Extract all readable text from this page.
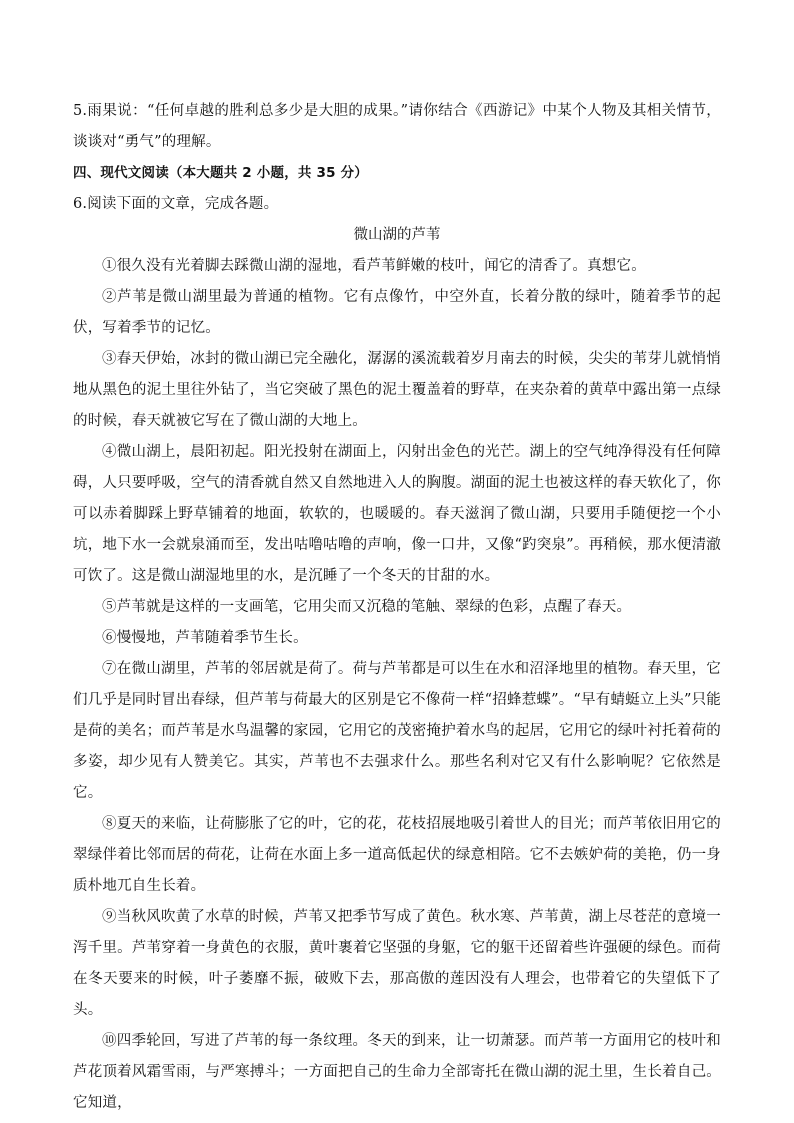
5.雨果说：“任何卓越的胜利总多少是大胆的成果。”请你结合《西游记》中某个人物及其相关情节，谈谈对“勇气”的理解。

四、现代文阅读（本大题共 2 小题，共 35 分）

6.阅读下面的文章，完成各题。

微山湖的芦苇

①很久没有光着脚去踩微山湖的湿地，看芦苇鲜嫩的枝叶，闻它的清香了。真想它。

②芦苇是微山湖里最为普通的植物。它有点像竹，中空外直，长着分散的绿叶，随着季节的起伏，写着季节的记忆。

③春天伊始，冰封的微山湖已完全融化，潺潺的溪流载着岁月南去的时候，尖尖的苇芽儿就悄悄地从黑色的泥土里往外钻了，当它突破了黑色的泥土覆盖着的野草，在夹杂着的黄草中露出第一点绿的时候，春天就被它写在了微山湖的大地上。

④微山湖上，晨阳初起。阳光投射在湖面上，闪射出金色的光芒。湖上的空气纯净得没有任何障碍，人只要呼吸，空气的清香就自然又自然地进入人的胸腹。湖面的泥土也被这样的春天软化了，你可以赤着脚踩上野草铺着的地面，软软的，也暖暖的。春天滋润了微山湖，只要用手随便挖一个小坑，地下水一会就泉涌而至，发出咕噜咕噜的声响，像一口井，又像“趵突泉”。再稍候，那水便清澈可饮了。这是微山湖湿地里的水，是沉睡了一个冬天的甘甜的水。

⑤芦苇就是这样的一支画笔，它用尖而又沉稳的笔触、翠绿的色彩，点醒了春天。

⑥慢慢地，芦苇随着季节生长。

⑦在微山湖里，芦苇的邻居就是荷了。荷与芦苇都是可以生在水和沼泽地里的植物。春天里，它们几乎是同时冒出春绿，但芦苇与荷最大的区别是它不像荷一样“招蜂惹蝶”。“早有蜻蜓立上头”只能是荷的美名；而芦苇是水鸟温馨的家园，它用它的茂密掩护着水鸟的起居，它用它的绿叶衬托着荷的多姿，却少见有人赞美它。其实，芦苇也不去强求什么。那些名利对它又有什么影响呢？它依然是它。

⑧夏天的来临，让荷膨胀了它的叶，它的花，花枝招展地吸引着世人的目光；而芦苇依旧用它的翠绿伴着比邻而居的荷花，让荷在水面上多一道高低起伏的绿意相陪。它不去嫉妒荷的美艳，仍一身质朴地兀自生长着。

⑨当秋风吹黄了水草的时候，芦苇又把季节写成了黄色。秋水寒、芦苇黄，湖上尽苍茫的意境一泻千里。芦苇穿着一身黄色的衣服，黄叶裹着它坚强的身躯，它的躯干还留着些许强硬的绿色。而荷在冬天要来的时候，叶子萎靡不振，破败下去，那高傲的莲因没有人理会，也带着它的失望低下了头。

⑩四季轮回，写进了芦苇的每一条纹理。冬天的到来，让一切萧瑟。而芦苇一方面用它的枝叶和芦花顶着风霜雪雨，与严寒搏斗；一方面把自己的生命力全部寄托在微山湖的泥土里，生长着自己。它知道，
